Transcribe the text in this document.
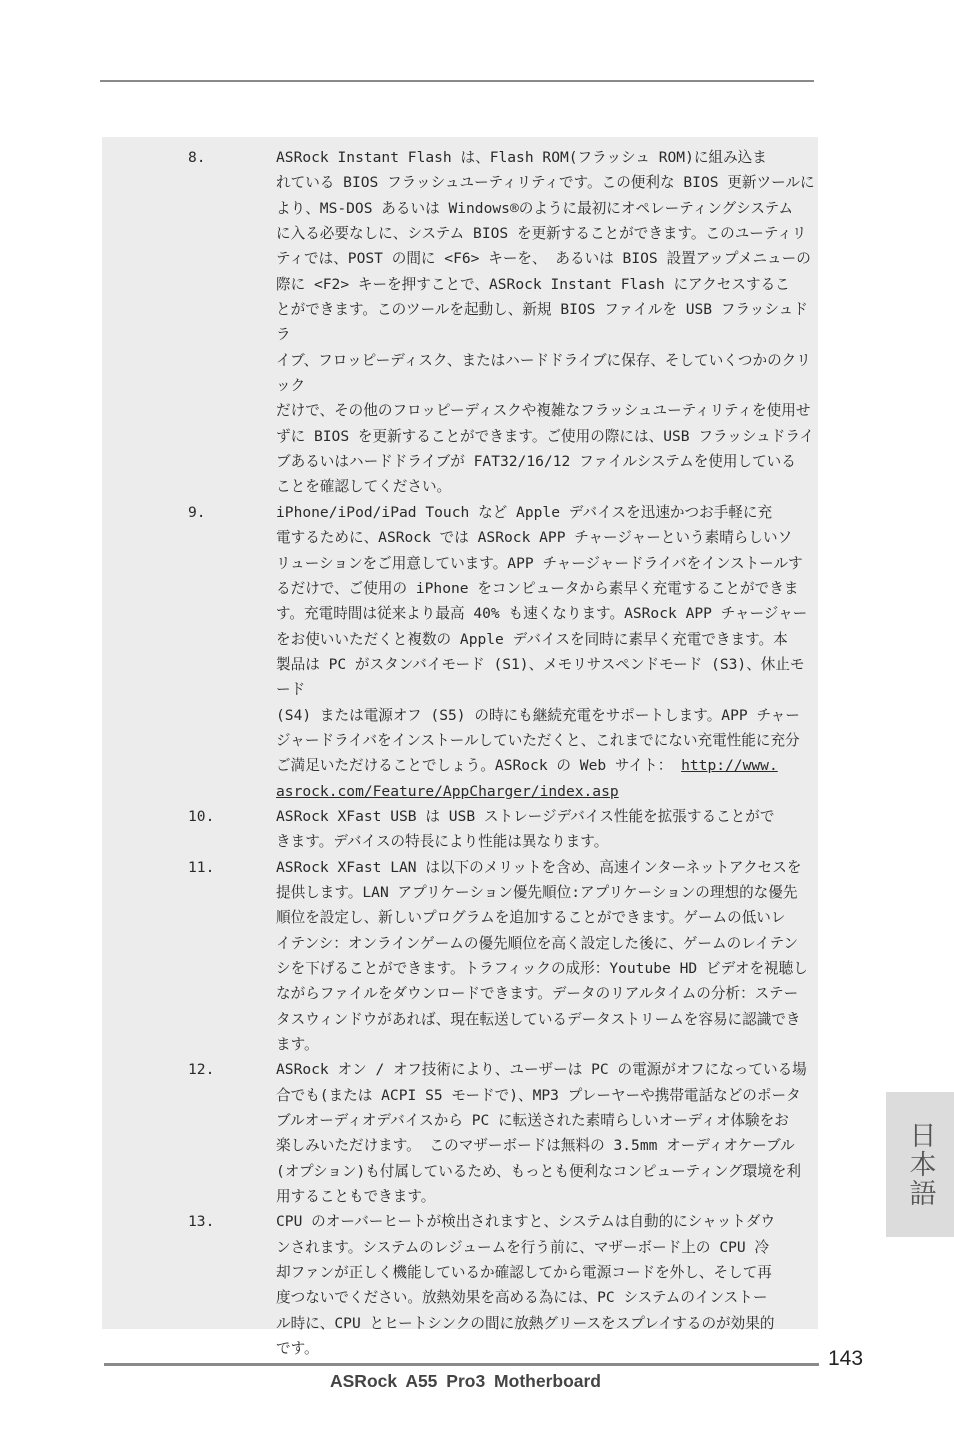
8.	ASRock Instant Flash は、Flash ROM(フラッシュ ROM)に組み込ま
れている BIOS フラッシュユーティリティです。この便利な BIOS 更新ツールに
より、MS-DOS あるいは Windows®のように最初にオペレーティングシステム
に入る必要なしに、システム BIOS を更新することができます。このユーティリ
ティでは、POST の間に <F6> キーを、 あるいは BIOS 設置アップメニューの
際に <F2> キーを押すことで、ASRock Instant Flash にアクセスするこ
とができます。このツールを起動し、新規 BIOS ファイルを USB フラッシュドラ
イブ、フロッピーディスク、またはハードドライブに保存、そしていくつかのクリック
だけで、その他のフロッピーディスクや複雑なフラッシュユーティリティを使用せ
ずに BIOS を更新することができます。ご使用の際には、USB フラッシュドライ
ブあるいはハードドライブが FAT32/16/12 ファイルシステムを使用している
ことを確認してください。
9.	iPhone/iPod/iPad Touch など Apple デバイスを迅速かつお手軽に充
電するために、ASRock では ASRock APP チャージャーという素晴らしいソ
リューションをご用意しています。APP チャージャードライバをインストールす
るだけで、ご使用の iPhone をコンピュータから素早く充電することができま
す。充電時間は従来より最高 40% も速くなります。ASRock APP チャージャー
をお使いいただくと複数の Apple デバイスを同時に素早く充電できます。本
製品は PC がスタンバイモード (S1)、メモリサスペンドモード (S3)、休止モード
(S4) または電源オフ (S5) の時にも継続充電をサポートします。APP チャー
ジャードライバをインストールしていただくと、これまでにない充電性能に充分
ご満足いただけることでしょう。ASRock の Web サイト： http://www.
asrock.com/Feature/AppCharger/index.asp
10.	ASRock XFast USB は USB ストレージデバイス性能を拡張することがで
きます。デバイスの特長により性能は異なります。
11.	ASRock XFast LAN は以下のメリットを含め、高速インターネットアクセスを
提供します。LAN アプリケーション優先順位:アプリケーションの理想的な優先
順位を設定し、新しいプログラムを追加することができます。ゲームの低いレ
イテンシ：オンラインゲームの優先順位を高く設定した後に、ゲームのレイテン
シを下げることができます。トラフィックの成形：Youtube HD ビデオを視聴し
ながらファイルをダウンロードできます。データのリアルタイムの分析：ステー
タスウィンドウがあれば、現在転送しているデータストリームを容易に認識でき
ます。
12.	ASRock オン / オフ技術により、ユーザーは PC の電源がオフになっている場
合でも(または ACPI S5 モードで)、MP3 プレーヤーや携帯電話などのポータ
ブルオーディオデバイスから PC に転送された素晴らしいオーディオ体験をお
楽しみいただけます。 このマザーボードは無料の 3.5mm オーディオケーブル
(オプション)も付属しているため、もっとも便利なコンピューティング環境を利
用することもできます。
13.	CPU のオーバーヒートが検出されますと、システムは自動的にシャットダウ
ンされます。システムのレジュームを行う前に、マザーボード上の CPU 冷
却ファンが正しく機能しているか確認してから電源コードを外し、そして再
度つないでください。放熱効果を高める為には、PC システムのインストー
ル時に、CPU とヒートシンクの間に放熱グリースをスプレイするのが効果的
です。
日本語
143
ASRock A55 Pro3 Motherboard
